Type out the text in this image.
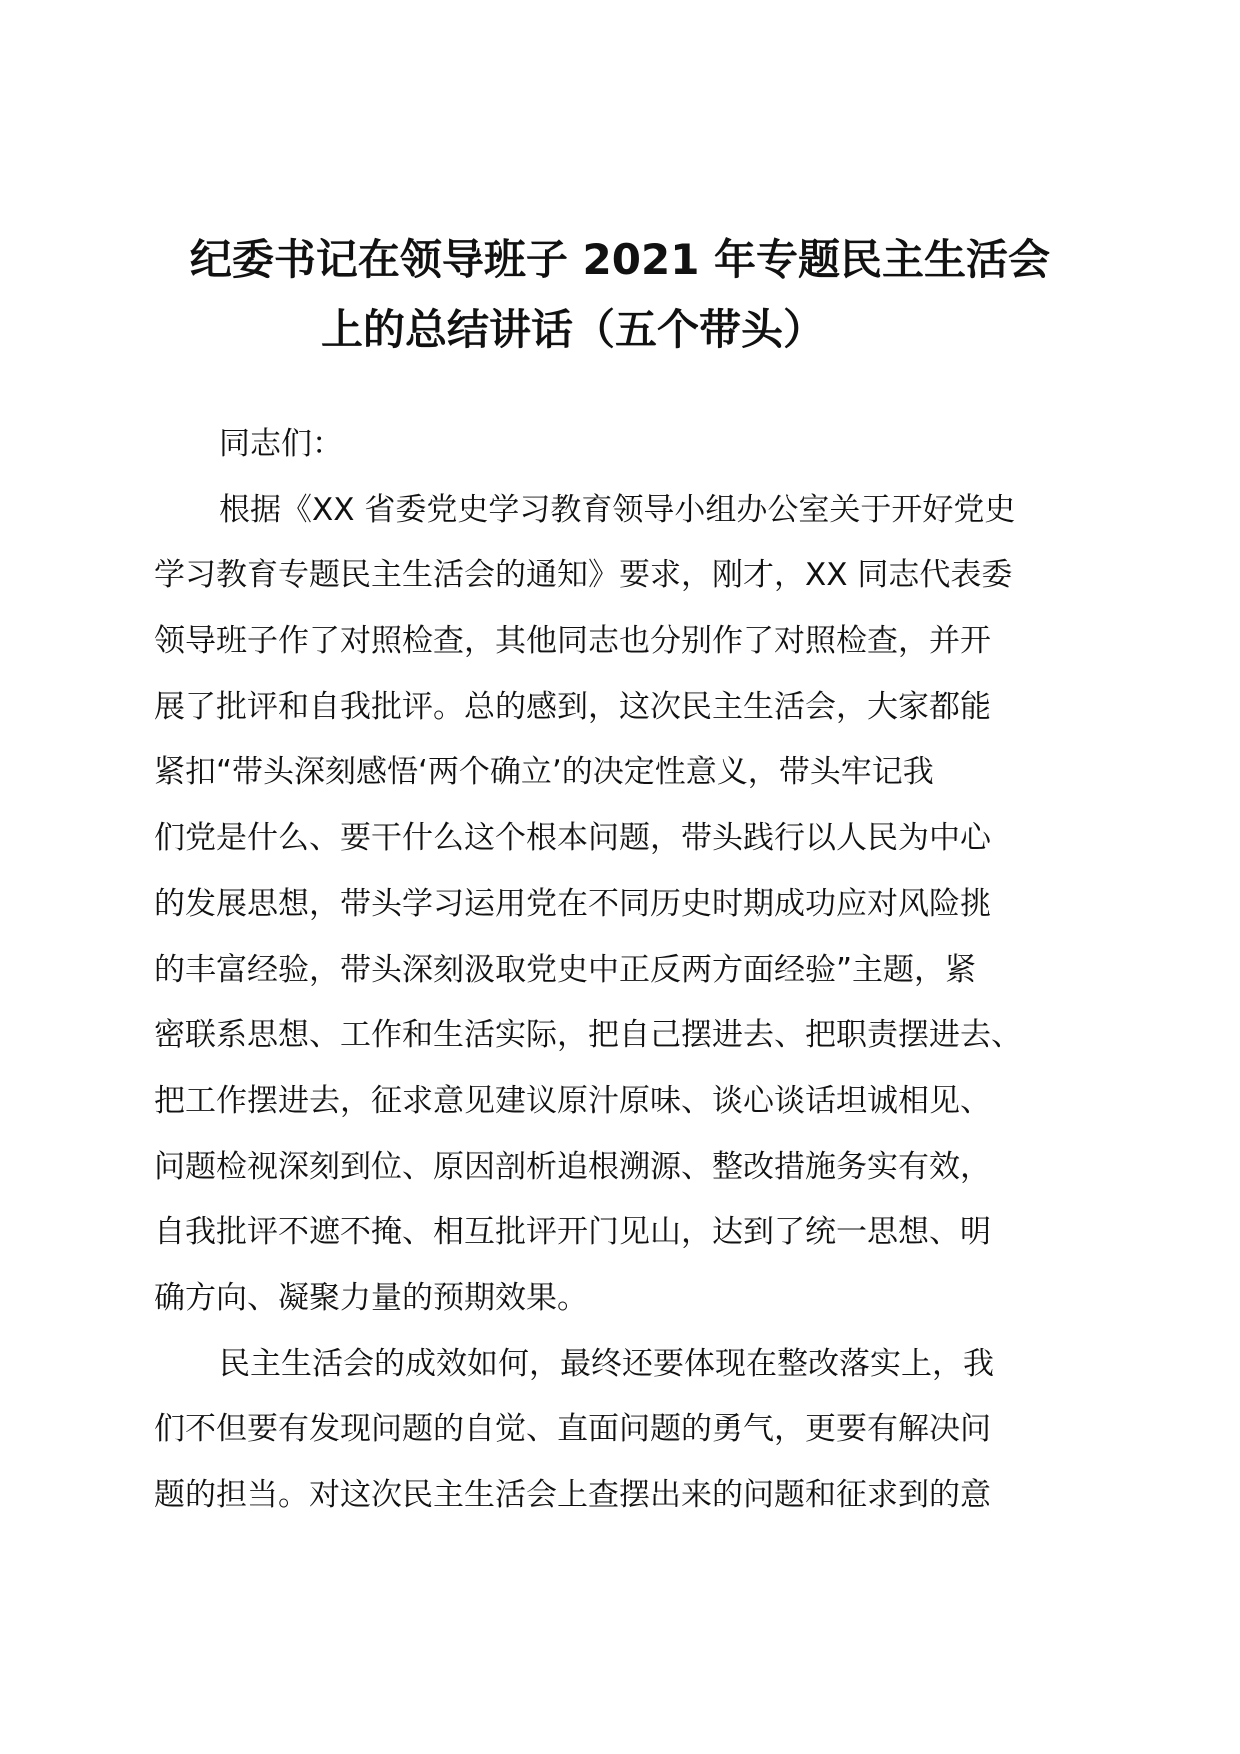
纪委书记在领导班子 2021 年专题民主生活会
上的总结讲话（五个带头）
同志们：
根据《XX 省委党史学习教育领导小组办公室关于开好党史
学习教育专题民主生活会的通知》要求，刚才，XX 同志代表委
领导班子作了对照检查，其他同志也分别作了对照检查，并开
展了批评和自我批评。总的感到，这次民主生活会，大家都能
紧扣“带头深刻感悟‘两个确立’的决定性意义，带头牢记我
们党是什么、要干什么这个根本问题，带头践行以人民为中心
的发展思想，带头学习运用党在不同历史时期成功应对风险挑
的丰富经验，带头深刻汲取党史中正反两方面经验”主题，紧
密联系思想、工作和生活实际，把自己摆进去、把职责摆进去、
把工作摆进去，征求意见建议原汁原味、谈心谈话坦诚相见、
问题检视深刻到位、原因剖析追根溯源、整改措施务实有效，
自我批评不遮不掩、相互批评开门见山，达到了统一思想、明
确方向、凝聚力量的预期效果。
民主生活会的成效如何，最终还要体现在整改落实上，我
们不但要有发现问题的自觉、直面问题的勇气，更要有解决问
题的担当。对这次民主生活会上查摆出来的问题和征求到的意
